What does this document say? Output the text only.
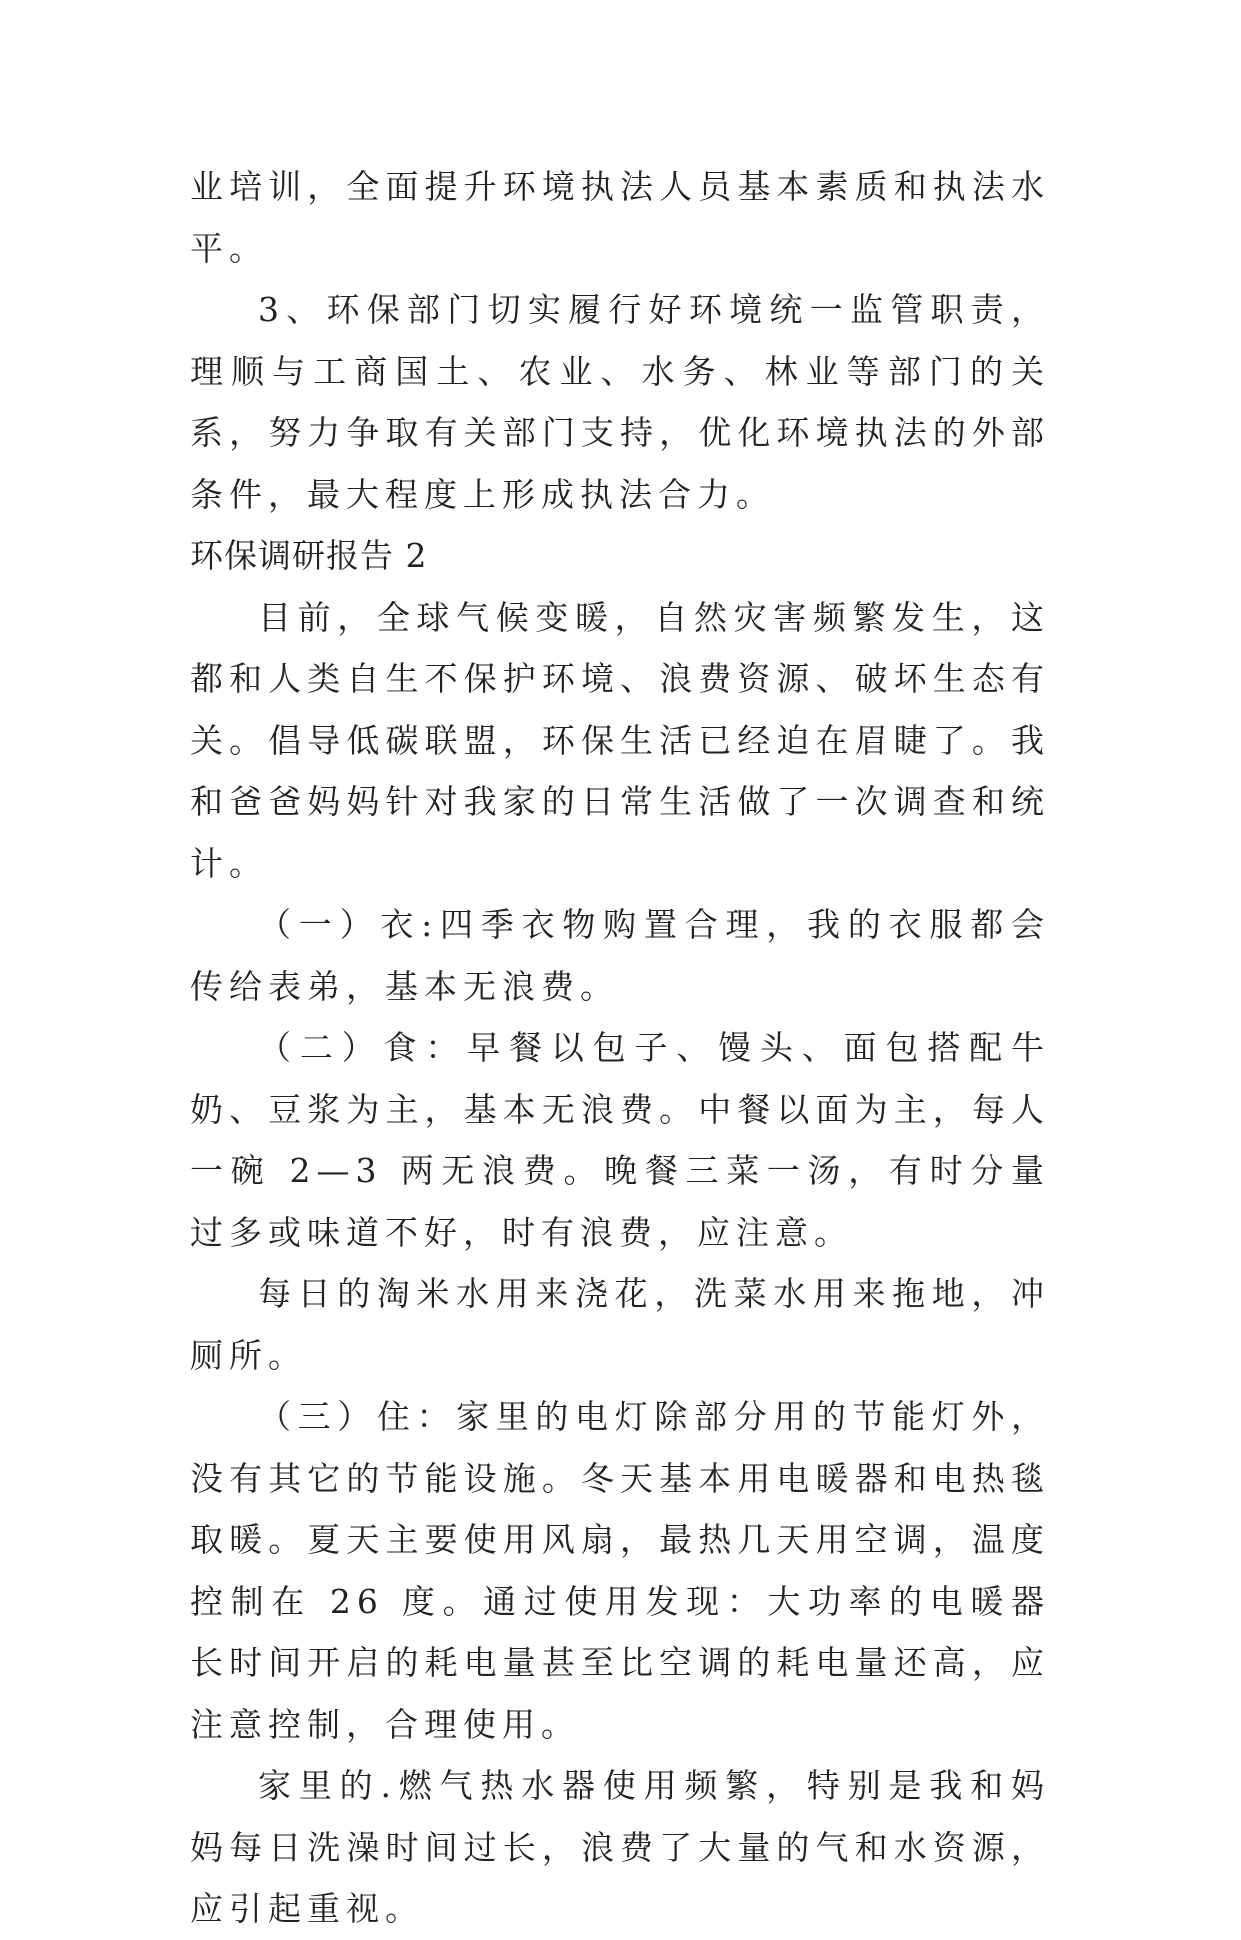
业培训，全面提升环境执法人员基本素质和执法水平。

3、环保部门切实履行好环境统一监管职责，理顺与工商国土、农业、水务、林业等部门的关系，努力争取有关部门支持，优化环境执法的外部条件，最大程度上形成执法合力。

环保调研报告 2

目前，全球气候变暖，自然灾害频繁发生，这都和人类自生不保护环境、浪费资源、破坏生态有关。倡导低碳联盟，环保生活已经迫在眉睫了。我和爸爸妈妈针对我家的日常生活做了一次调查和统计。

（一）衣:四季衣物购置合理，我的衣服都会传给表弟，基本无浪费。

（二）食：早餐以包子、馒头、面包搭配牛奶、豆浆为主，基本无浪费。中餐以面为主，每人一碗 2—3 两无浪费。晚餐三菜一汤，有时分量过多或味道不好，时有浪费，应注意。

每日的淘米水用来浇花，洗菜水用来拖地，冲厕所。

（三）住：家里的电灯除部分用的节能灯外，没有其它的节能设施。冬天基本用电暖器和电热毯取暖。夏天主要使用风扇，最热几天用空调，温度控制在 26 度。通过使用发现：大功率的电暖器长时间开启的耗电量甚至比空调的耗电量还高，应注意控制，合理使用。

家里的.燃气热水器使用频繁，特别是我和妈妈每日洗澡时间过长，浪费了大量的气和水资源，应引起重视。
